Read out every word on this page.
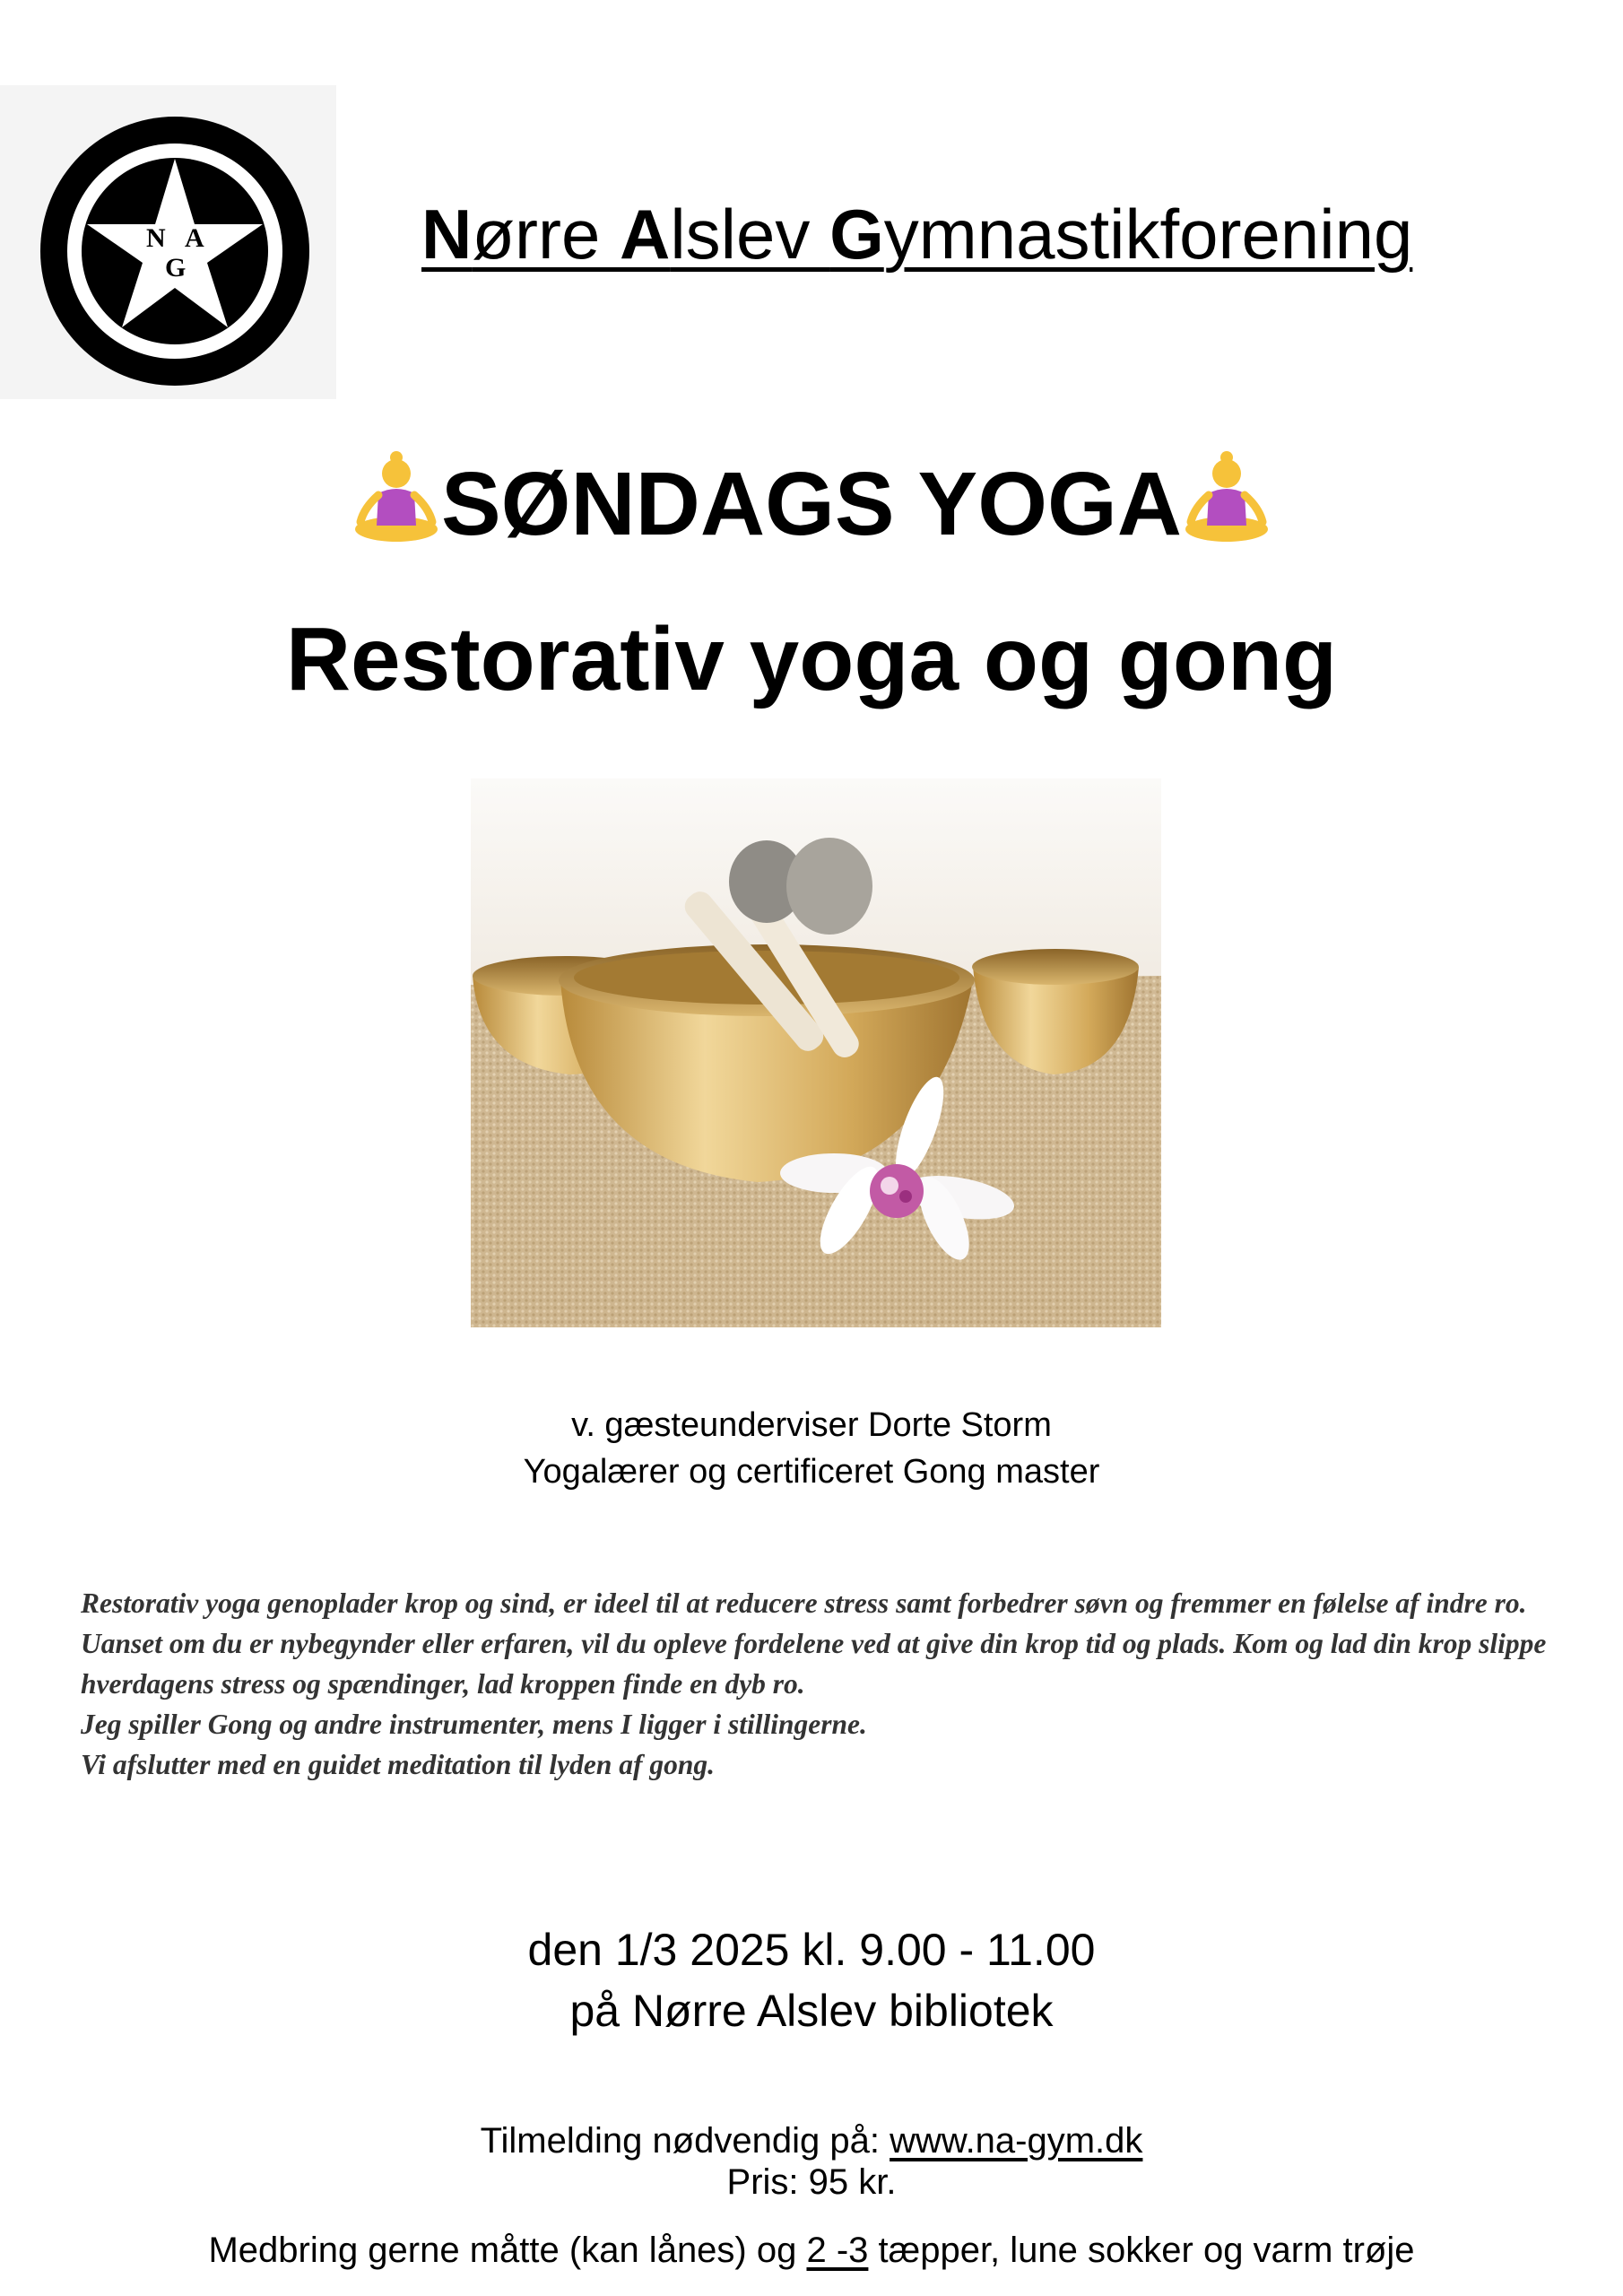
N A
G	Nørre Alslev Gymnastikforening
SØNDAGS YOGA
Restorativ yoga og gong
v. gæsteunderviser Dorte Storm
Yogalærer og certificeret Gong master

Restorativ yoga genoplader krop og sind, er ideel til at reducere stress samt forbedrer søvn og fremmer en følelse af indre ro. Uanset om du er nybegynder eller erfaren, vil du opleve fordelene ved at give din krop tid og plads. Kom og lad din krop slippe hverdagens stress og spændinger, lad kroppen finde en dyb ro.

Jeg spiller Gong og andre instrumenter, mens I ligger i stillingerne.

Vi afslutter med en guidet meditation til lyden af gong.

den 1/3 2025 kl. 9.00 - 11.00
på Nørre Alslev bibliotek
Tilmelding nødvendig på: www.na-gym.dk
Pris: 95 kr.
Medbring gerne måtte (kan lånes) og 2 -3 tæpper, lune sokker og varm trøje
